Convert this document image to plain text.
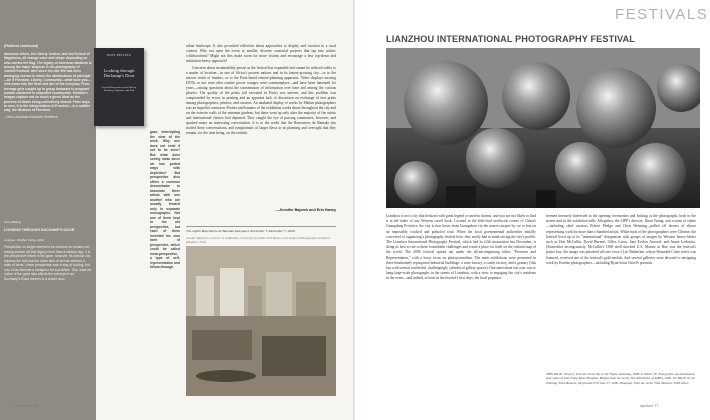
(Ruttend continued)
American tribes, Inn Liberty Justice, and the Pursuit of Happiness, all change color and shape depending on who carries the flag. The legacy of American idealism is among the major subjects in the photography of Justine Kurland, who since the mid 90s has been arranging scenes in which the abstractions of principle—be it Freedom, Liberty, Community—what have you—sink down into the flesh and dirt of the everyday. From teenage girls caught up in group fantasies to pregnant women clustered in unspoiled countryside, Kurland's images capture not so much a given ideal as the process of ideals being collectively shared. From boys to men, it is the interpretation of Freedom—in a subtler way, the illusions of Freedom.
—from Jonathan Kurland's Sentence
Hans Belting
LOOKING THROUGH DUCHAMP'S DOOR
Cologne: Walther König, 2010
Perspective no longer seems to be a theme for modern art, having shaken off that legacy more than a century ago. It is the perspective linked to the gaze, however, its formula can express the fact that the naive time of art has entered a state of crisis. Linear perspective was a way of looking, but now it has become a metaphor for a problem. This, what we notice of the gaze also affects the concept of art. Duchamp's Étant donnés is a closed door.
HANS BELTING
Looking through Duchamp's Door
Art and Perspective in the Work of Duchamp, Sugimoto, Jeff Wall
gaze, interrupting the view of the work. Why one does not exist if not to be seen? But what does seeing mean since art has ported ways with depiction? But perspective also offers a common denominator to associate three artists with one another who are usually treated only in separate monographs. Not one of them kept to the old perspective, but each of them invented his own form of perspective, which could be called meta-perspective, a type of self-representation and follow-through.

urban landscape. It also provoked reflection about approaches to display and curation in a rural context. Why not open the event to smaller, discrete curatorial projects that tap into artistic collaborations? Might not this make room for more visions and encourage a less top-down and institution-heavy approach?

Concerns about sustainability persist as the festival has expanded and cannot be reduced solely to a matter of location—in one of Africa's poorest nations and in its fastest-growing city—or to the narrow remit of funders, or to the Paris-based remote-planning apparatus. Video displays missing DVDs or not reset after routine power outages were commonplace—and have been lamented for years—raising questions about the transmission of information over time and among the various players. The quality of the prints (all executed in Paris) was uneven, and this problem was compounded by errors in printing and an apparent lack of discussion on exchange of text prints among photographers, printers, and curators. An unabated display of works by Malian photographers was an impolitic omission. Posters and banners of the exhibition works shone throughout the city and on the exterior walls of the museum gardens, but these went up only after the majority of the artists and international visitors had departed. They caught the eye of passing commuters, however, and sparked many an interesting conversation. It is to the credit that the Rencontres de Bamako has incited these conversations, and symptomatic of larger flaws in its planning and oversight that they remain, for the time being, on the outside.

—Jennifer Bajorek and Erin Haney
The eighth Rencontres de Bamako took place November 7–December 7, 2009.
Jennifer Bajorek is a lecturer at Goldsmiths, University of London. Erin Haney is the author of Photography and Africa (Reaktion, 2010).
76 aperture.org
FESTIVALS
LIANZHOU INTERNATIONAL PHOTOGRAPHY FESTIVAL
Lianzhou is not a city that beckons with great legend or ancient charms, and you are not likely to find it in the index of any Western travel book. Located in the little-trod northwest corner of China's Guangdong Province, the city is four hours from Guangzhou via the nearest airport by car or bus on an impossibly cracked and potholed road. When the local governmental authorities initially conceived of organizing a photography festival here, they surely had in mind raising the city's profile. The Lianzhou International Photography Festival, which had its fifth incarnation last December, is doing its best to rise to these formidable challenges and create a place for itself on the cultural map of the world. The 2009 festival spread out under the all-encompassing rubric "Presence and Representation," with a loose focus on photojournalism. The main exhibitions were presented in three handsomely repurposed industrial buildings: a wine factory, a candy factory, and a granary (this last with several wonderful, challengingly cylindrical gallery spaces). One innovation last year was to hang large-scale photographs in the streets of Lianzhou, with a view to engaging the city's residents in the event—and indeed, at least in the festival's first days, the local populace
seemed intensely interested in the opening ceremonies and looking at the photographs, both in the streets and in the exhibition halls. Altogether, the LIPF's director, Duan Yuting, and a team of others—including chief curators Robert Pledge and Chen Weiming—pulled off dozens of shows representing work by more than a hundred artists. While most of the photographers were Chinese, the festival lived up to its "international" designation with groups of images by Western heavy-hitters such as Don McCullin, David Burnett, Gilles Caron, Jane Evelyn Atwood, and Annie Leibovitz. (Somewhat incongruously, McCullin's 1968 shell-shocked U.S. Marine at Hue was the festival's poster boy; the image was plastered all over town.) Leo Rubinfien, whose Wounded Cities series was featured, received one of the festival's gold medals. And several galleries were devoted to intriguing work by Korean photographers—including Byun Soon Choel's portraits
THIS PAGE: Peng Li, from the series Sky in the Night, installing, 2008–9. PAGE 76: Zhang Lijie, An abandoned bed, video of Xiao Fang River Hospital, Beijing from the series The Afterbirths of AMPS, 2006–10. PAGE 76: Su Zhihang, That Moment, all printed 9:30 June 27, 2009, Shanghai, from the series That Moment, 2000–2012.
aperture 77
